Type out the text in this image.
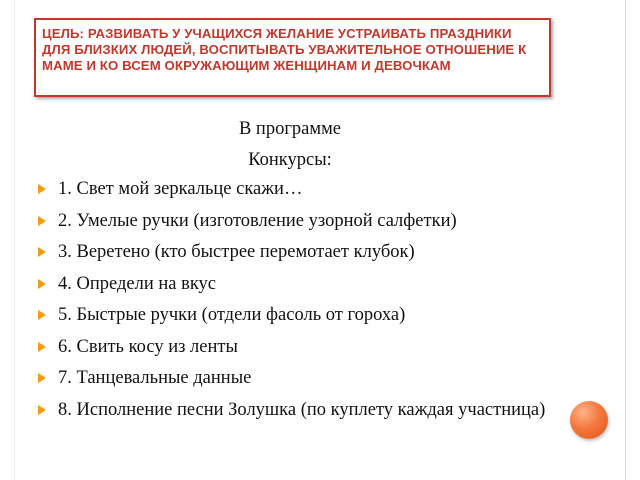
ЦЕЛЬ: РАЗВИВАТЬ У УЧАЩИХСЯ ЖЕЛАНИЕ УСТРАИВАТЬ ПРАЗДНИКИ ДЛЯ БЛИЗКИХ ЛЮДЕЙ, ВОСПИТЫВАТЬ УВАЖИТЕЛЬНОЕ ОТНОШЕНИЕ К МАМЕ И КО ВСЕМ ОКРУЖАЮЩИМ ЖЕНЩИНАМ И ДЕВОЧКАМ

В программе
Конкурсы:
1. Свет мой зеркальце скажи…
2. Умелые ручки (изготовление узорной салфетки)
3. Веретено (кто быстрее перемотает клубок)
4. Определи на вкус
5. Быстрые ручки (отдели фасоль от гороха)
6. Свить косу из ленты
7. Танцевальные данные
8. Исполнение песни Золушка (по куплету каждая участница)
